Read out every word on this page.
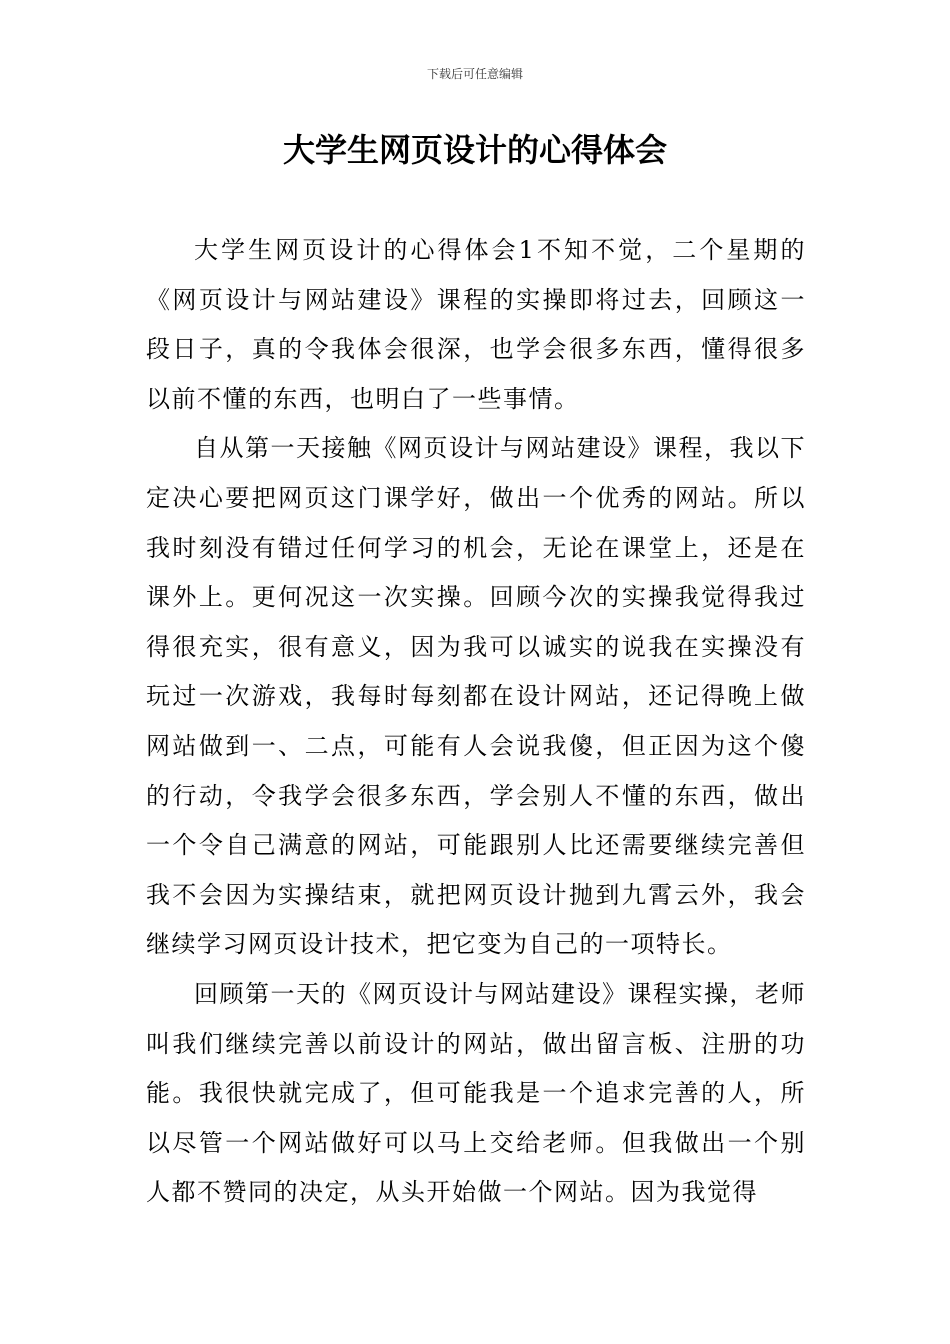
下载后可任意编辑
大学生网页设计的心得体会

大学生网页设计的心得体会1不知不觉，二个星期的《网页设计与网站建设》课程的实操即将过去，回顾这一段日子，真的令我体会很深，也学会很多东西，懂得很多以前不懂的东西，也明白了一些事情。

自从第一天接触《网页设计与网站建设》课程，我以下定决心要把网页这门课学好，做出一个优秀的网站。所以我时刻没有错过任何学习的机会，无论在课堂上，还是在课外上。更何况这一次实操。回顾今次的实操我觉得我过得很充实，很有意义，因为我可以诚实的说我在实操没有玩过一次游戏，我每时每刻都在设计网站，还记得晚上做网站做到一、二点，可能有人会说我傻，但正因为这个傻的行动，令我学会很多东西，学会别人不懂的东西，做出一个令自己满意的网站，可能跟别人比还需要继续完善但我不会因为实操结束，就把网页设计抛到九霄云外，我会继续学习网页设计技术，把它变为自己的一项特长。

回顾第一天的《网页设计与网站建设》课程实操，老师叫我们继续完善以前设计的网站，做出留言板、注册的功能。我很快就完成了，但可能我是一个追求完善的人，所以尽管一个网站做好可以马上交给老师。但我做出一个别人都不赞同的决定，从头开始做一个网站。因为我觉得
